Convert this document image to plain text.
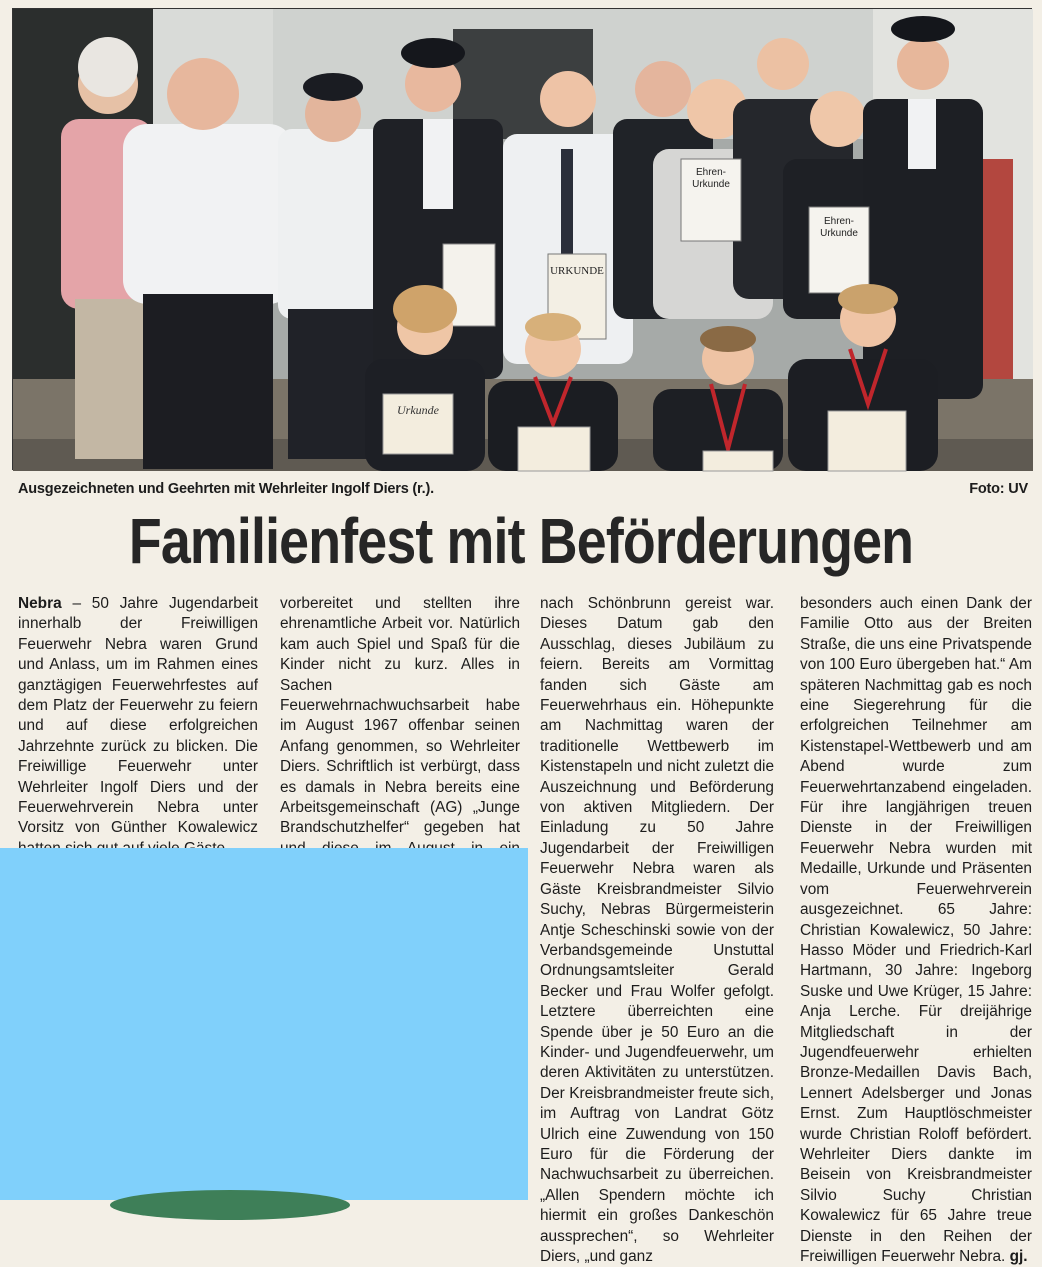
URKUNDE
Ehren-
Urkunde
Ehren-
Urkunde
Urkunde
Ausgezeichneten und Geehrten mit Wehrleiter Ingolf Diers (r.).	Foto: UV
Familienfest mit Beförderungen

Nebra – 50 Jahre Jugendarbeit innerhalb der Freiwilligen Feuerwehr Nebra waren Grund und Anlass, um im Rahmen eines ganztägigen Feuerwehrfestes auf dem Platz der Feuerwehr zu feiern und auf diese erfolgreichen Jahrzehnte zurück zu blicken. Die Freiwillige Feuerwehr unter Wehrleiter Ingolf Diers und der Feuerwehrverein Nebra unter Vorsitz von Günther Kowalewicz

vorbereitet und stellten ihre ehrenamtliche Arbeit vor. Natürlich kam auch Spiel und Spaß für die Kinder nicht zu kurz. Alles in Sachen Feuerwehrnachwuchsarbeit habe im August 1967 offenbar seinen Anfang genommen, so Wehrleiter Diers. Schriftlich ist verbürgt, dass es damals in Nebra bereits eine Arbeitsgemeinschaft (AG) „Junge Brandschutzhelfer“ gegeben hat

nach Schönbrunn gereist war. Dieses Datum gab den Ausschlag, dieses Jubiläum zu feiern. Bereits am Vormittag fanden sich Gäste am Feuerwehrhaus ein. Höhepunkte am Nachmittag waren der traditionelle Wettbewerb im Kistenstapeln und nicht zuletzt die Auszeichnung und Beförderung von aktiven Mitgliedern. Der Einladung zu 50 Jahre Jugendarbeit der Freiwilligen Feuerwehr Nebra waren als Gäste Kreisbrandmeister Silvio Suchy, Nebras Bürgermeisterin Antje Scheschinski sowie von der Verbandsgemeinde Unstuttal Ordnungsamtsleiter Gerald Becker und Frau Wolfer gefolgt. Letztere überreichten eine Spende über je 50 Euro an die Kinder- und Jugendfeuerwehr, um deren Aktivitäten zu unterstützen. Der Kreisbrandmeister freute sich, im Auftrag von Landrat Götz Ulrich eine Zuwendung von 150 Euro für die Förderung der Nachwuchsarbeit zu überreichen. „Allen Spendern möchte ich hiermit ein großes Dankeschön aussprechen“, so Wehrleiter Diers, „und ganz

besonders auch einen Dank der Familie Otto aus der Breiten Straße, die uns eine Privatspende von 100 Euro übergeben hat.“ Am späteren Nachmittag gab es noch eine Siegerehrung für die erfolgreichen Teilnehmer am Kistenstapel-Wettbewerb und am Abend wurde zum Feuerwehrtanzabend eingeladen. Für ihre langjährigen treuen Dienste in der Freiwilligen Feuerwehr Nebra wurden mit Medaille, Urkunde und Präsenten vom Feuerwehrverein ausgezeichnet. 65 Jahre: Christian Kowalewicz, 50 Jahre: Hasso Möder und Friedrich-Karl Hartmann, 30 Jahre: Ingeborg Suske und Uwe Krüger, 15 Jahre: Anja Lerche. Für dreijährige Mitgliedschaft in der Jugendfeuerwehr erhielten Bronze-Medaillen Davis Bach, Lennert Adelsberger und Jonas Ernst. Zum Hauptlöschmeister wurde Christian Roloff befördert. Wehrleiter Diers dankte im Beisein von Kreisbrandmeister Silvio Suchy Christian Kowalewicz für 65 Jahre treue Dienste in den Reihen der Freiwilligen Feuerwehr Nebra. gj.
